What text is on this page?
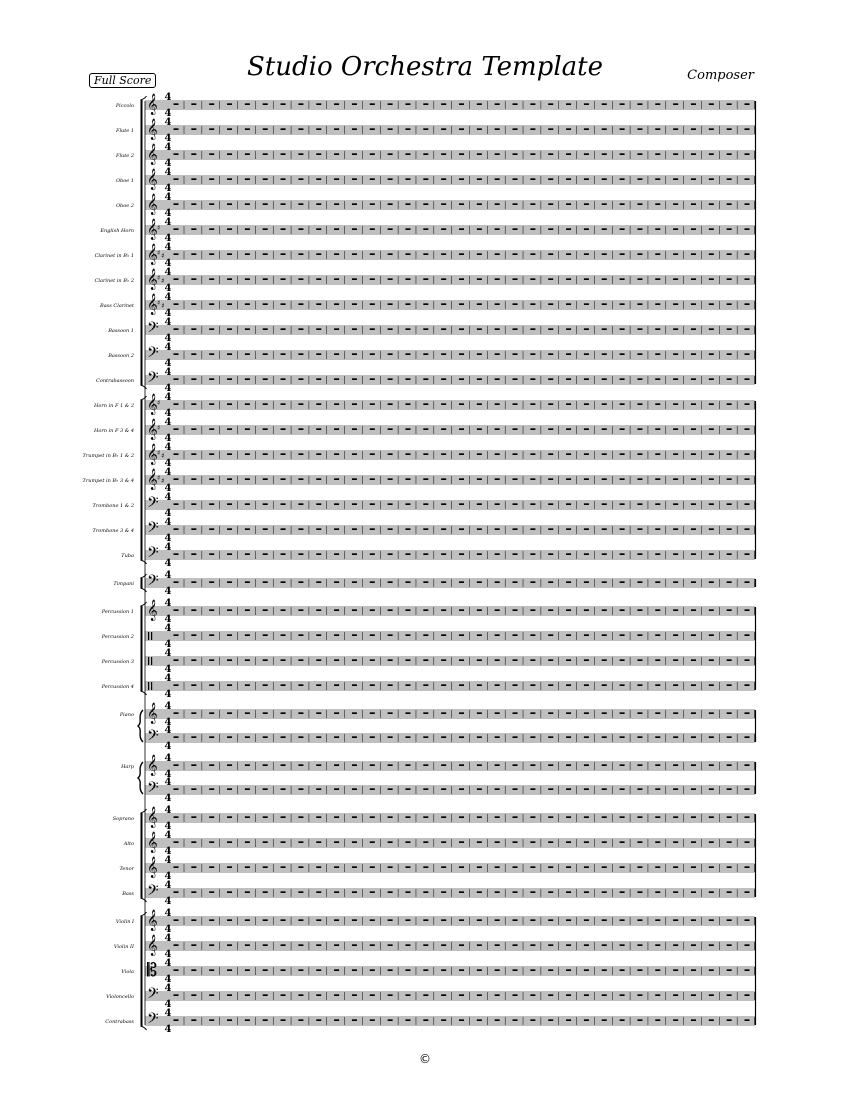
Studio Orchestra Template	Composer
Full Score
Piccolo 𝄞 4
4
Flute 1 𝄞 4
4
Flute 2 𝄞 4
4
Oboe 1 𝄞 4
4
Oboe 2 𝄞 4
4
English Horn 𝄞 ♯ 4
4
Clarinet in B♭ 1 𝄞 ♯ ♯
4
4
Clarinet in B♭ 2 𝄞 ♯ ♯
4
4
Bass Clarinet 𝄞 ♯ ♯
4
4
Bassoon 1 𝄢 4
4
Bassoon 2 𝄢 4
4
Contrabassoon 𝄢 4
4
Horn in F 1 & 2 𝄞 ♯ 4
4
Horn in F 3 & 4 𝄞 ♯ 4
4
Trumpet in B♭ 1 & 2 𝄞 ♯ ♯
4
4
Trumpet in B♭ 3 & 4 𝄞 ♯ ♯
4
4
Trombone 1 & 2 𝄢 4
4
Trombone 3 & 4 𝄢 4
4
Tuba 𝄢 4
4
Timpani 𝄢 4
4
Percussion 1 𝄞 4
4
Percussion 2
4
4
Percussion 3
4
4
Percussion 4
4
4
Piano 𝄞 4
4
𝄢 4
4
Harp 𝄞 4
4
𝄢 4
4
Soprano 𝄞 4
4
Alto 𝄞 4
4
Tenor 𝄞 4
4
Bass 𝄢 4
4
Violin I 𝄞 4
4
Violin II 𝄞 4
4
Viola 𝄡 4
4
Violoncello 𝄢 4
4
Contrabass 𝄢 4
4
©
